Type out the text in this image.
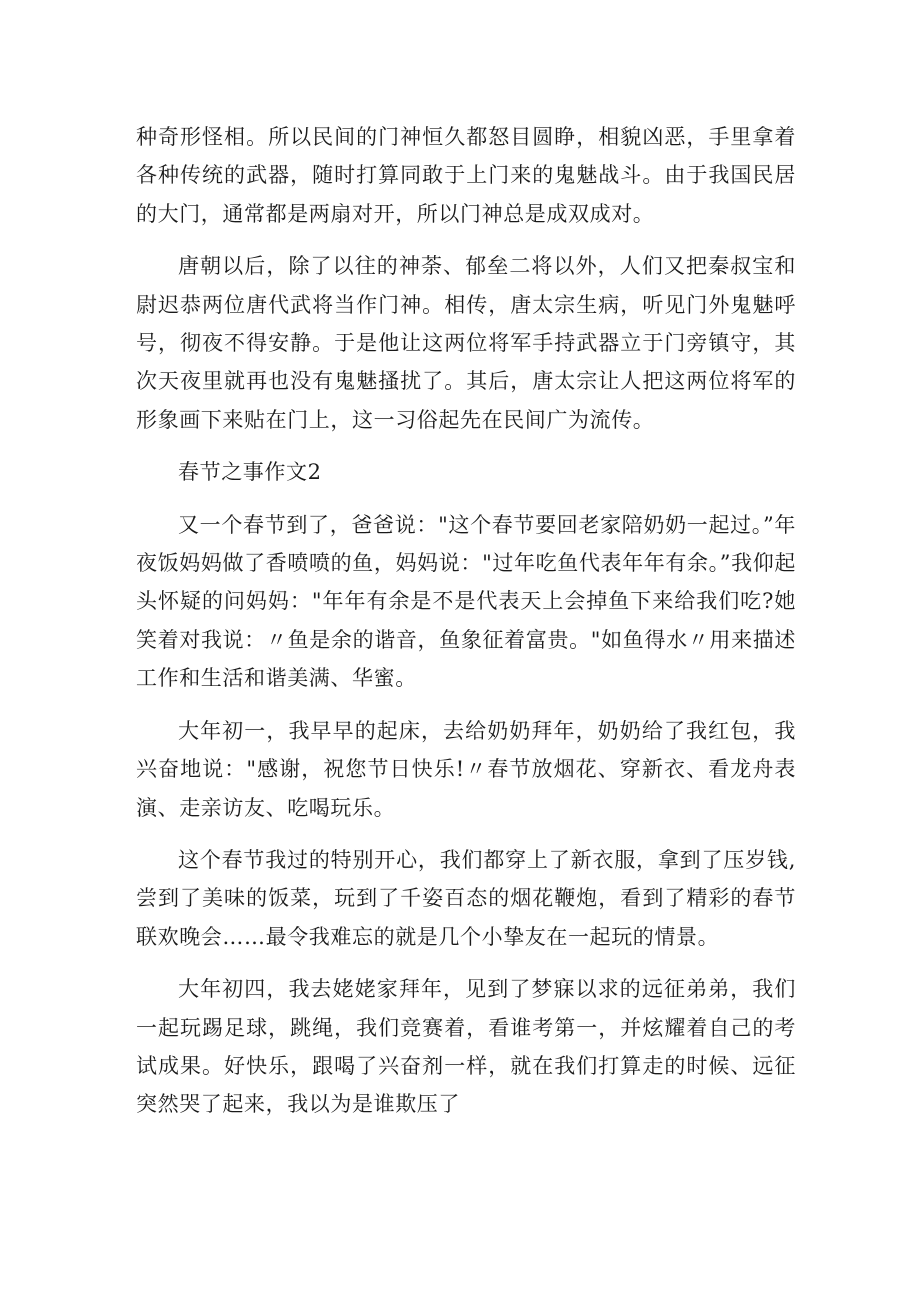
种奇形怪相。所以民间的门神恒久都怒目圆睁，相貌凶恶，手里拿着各种传统的武器，随时打算同敢于上门来的鬼魅战斗。由于我国民居的大门，通常都是两扇对开，所以门神总是成双成对。

唐朝以后，除了以往的神荼、郁垒二将以外，人们又把秦叔宝和尉迟恭两位唐代武将当作门神。相传，唐太宗生病，听见门外鬼魅呼号，彻夜不得安静。于是他让这两位将军手持武器立于门旁镇守，其次天夜里就再也没有鬼魅搔扰了。其后，唐太宗让人把这两位将军的形象画下来贴在门上，这一习俗起先在民间广为流传。

春节之事作文2

又一个春节到了，爸爸说："这个春节要回老家陪奶奶一起过。”年夜饭妈妈做了香喷喷的鱼，妈妈说："过年吃鱼代表年年有余。”我仰起头怀疑的问妈妈："年年有余是不是代表天上会掉鱼下来给我们吃?她笑着对我说：〃鱼是余的谐音，鱼象征着富贵。"如鱼得水〃用来描述工作和生活和谐美满、华蜜。

大年初一，我早早的起床，去给奶奶拜年，奶奶给了我红包，我兴奋地说："感谢，祝您节日快乐!〃春节放烟花、穿新衣、看龙舟表演、走亲访友、吃喝玩乐。

这个春节我过的特别开心，我们都穿上了新衣服，拿到了压岁钱,尝到了美味的饭菜，玩到了千姿百态的烟花鞭炮，看到了精彩的春节联欢晚会……最令我难忘的就是几个小挚友在一起玩的情景。

大年初四，我去姥姥家拜年，见到了梦寐以求的远征弟弟，我们一起玩踢足球，跳绳，我们竞赛着，看谁考第一，并炫耀着自己的考试成果。好快乐，跟喝了兴奋剂一样，就在我们打算走的时候、远征突然哭了起来，我以为是谁欺压了
